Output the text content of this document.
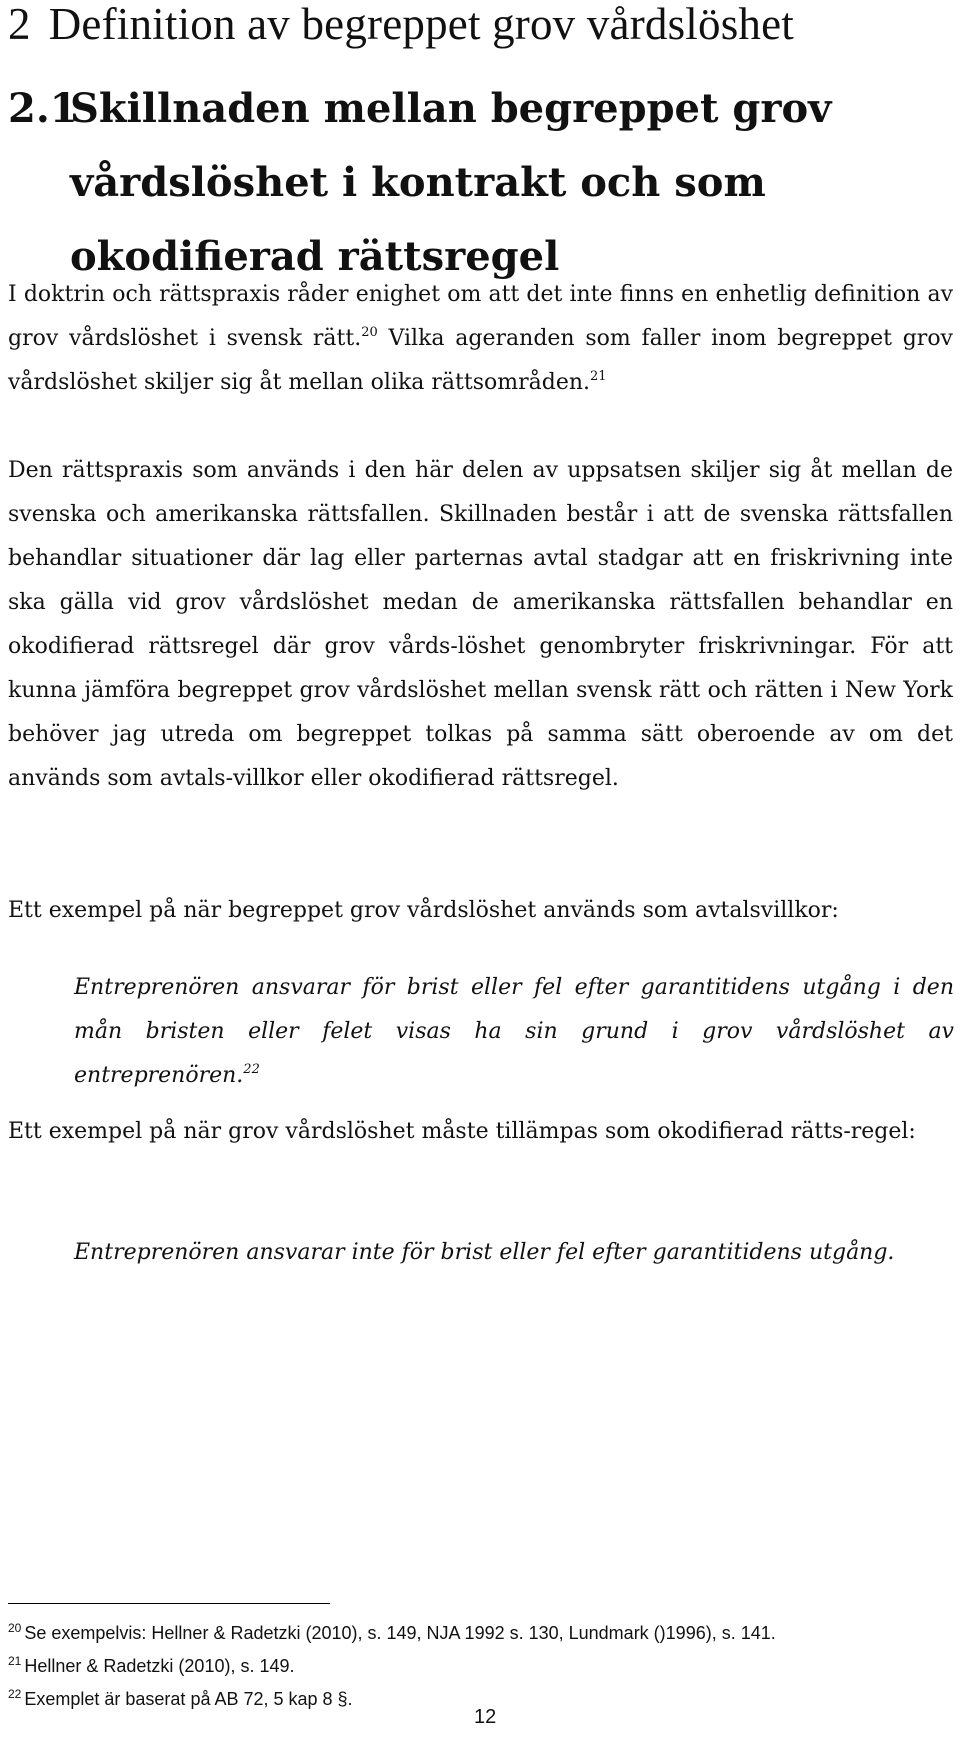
2 Definition av begreppet grov vårdslöshet
2.1Skillnaden mellan begreppet grov
vårdslöshet i kontrakt och som
okodifierad rättsregel

I doktrin och rättspraxis råder enighet om att det inte finns en enhetlig definition av grov vårdslöshet i svensk rätt.$^{20}$ Vilka ageranden som faller inom begreppet grov vårdslöshet skiljer sig åt mellan olika rättsområden.$^{21}$

Den rättspraxis som används i den här delen av uppsatsen skiljer sig åt mellan de svenska och amerikanska rättsfallen. Skillnaden består i att de svenska rättsfallen behandlar situationer där lag eller parternas avtal stadgar att en friskrivning inte ska gälla vid grov vårdslöshet medan de amerikanska rättsfallen behandlar en okodifierad rättsregel där grov vårds-löshet genombryter friskrivningar. För att kunna jämföra begreppet grov vårdslöshet mellan svensk rätt och rätten i New York behöver jag utreda om begreppet tolkas på samma sätt oberoende av om det används som avtals-villkor eller okodifierad rättsregel.

Ett exempel på när begreppet grov vårdslöshet används som avtalsvillkor:

Entreprenören ansvarar för brist eller fel efter garantitidens utgång i den mån bristen eller felet visas ha sin grund i grov vårdslöshet av entreprenören.$^{22}$

Ett exempel på när grov vårdslöshet måste tillämpas som okodifierad rätts-regel:

Entreprenören ansvarar inte för brist eller fel efter garantitidens utgång.

$^{20}$ Se exempelvis: Hellner & Radetzki (2010), s. 149, NJA 1992 s. 130, Lundmark ()1996), s. 141.
$^{21}$ Hellner & Radetzki (2010), s. 149.
$^{22}$ Exemplet är baserat på AB 72, 5 kap 8 §.
12
